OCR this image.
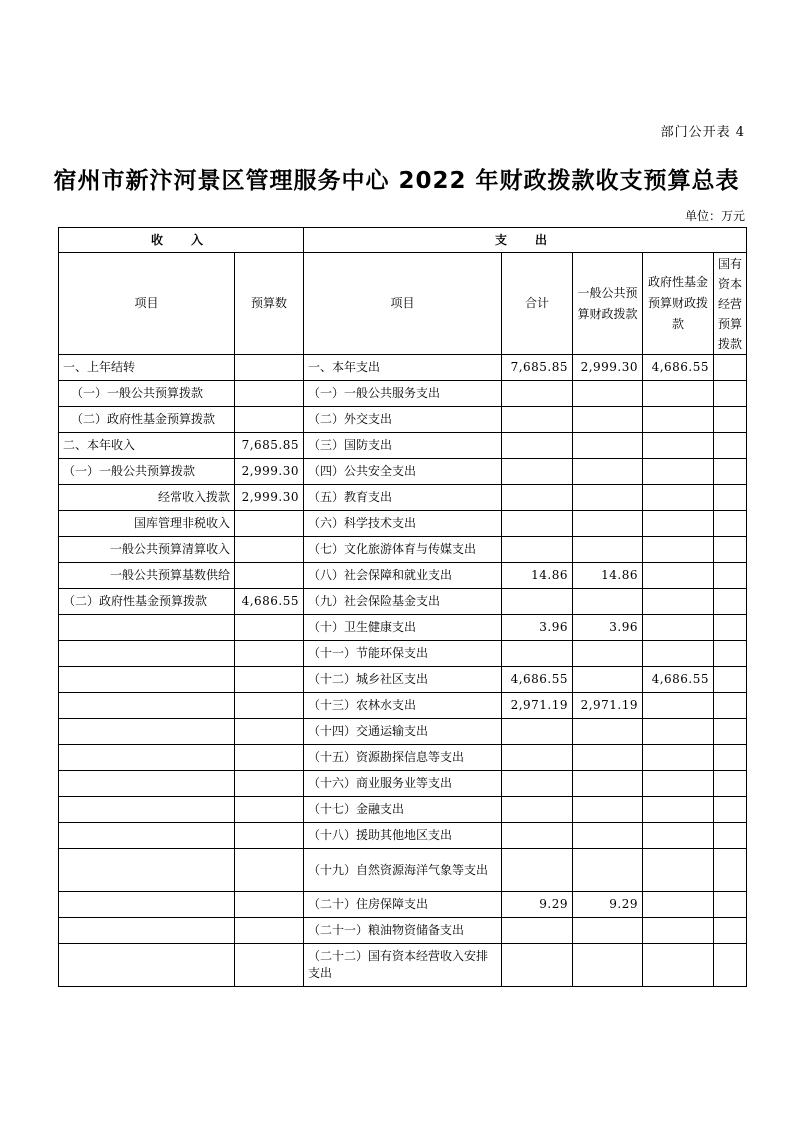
部门公开表 4
宿州市新汴河景区管理服务中心 2022 年财政拨款收支预算总表
单位：万元
收　入		支　出				
项目	预算数	项目	合计	一般公共预算财政拨款	政府性基金预算财政拨款	国有资本经营预算拨款
一、上年结转		一、本年支出	7,685.85	2,999.30	4,686.55	
（一）一般公共预算拨款		（一）一般公共服务支出				
（二）政府性基金预算拨款		（二）外交支出				
二、本年收入	7,685.85	（三）国防支出				
（一）一般公共预算拨款	2,999.30	（四）公共安全支出				
经常收入拨款	2,999.30	（五）教育支出				
国库管理非税收入		（六）科学技术支出				
一般公共预算清算收入		（七）文化旅游体育与传媒支出				
一般公共预算基数供给		（八）社会保障和就业支出	14.86	14.86		
（二）政府性基金预算拨款	4,686.55	（九）社会保险基金支出				
		（十）卫生健康支出	3.96	3.96		
		（十一）节能环保支出				
		（十二）城乡社区支出	4,686.55		4,686.55	
		（十三）农林水支出	2,971.19	2,971.19		
		（十四）交通运输支出				
		（十五）资源勘探信息等支出				
		（十六）商业服务业等支出				
		（十七）金融支出				
		（十八）援助其他地区支出				
		（十九）自然资源海洋气象等支出				
		（二十）住房保障支出	9.29	9.29		
		（二十一）粮油物资储备支出				
		（二十二）国有资本经营收入安排支出				
